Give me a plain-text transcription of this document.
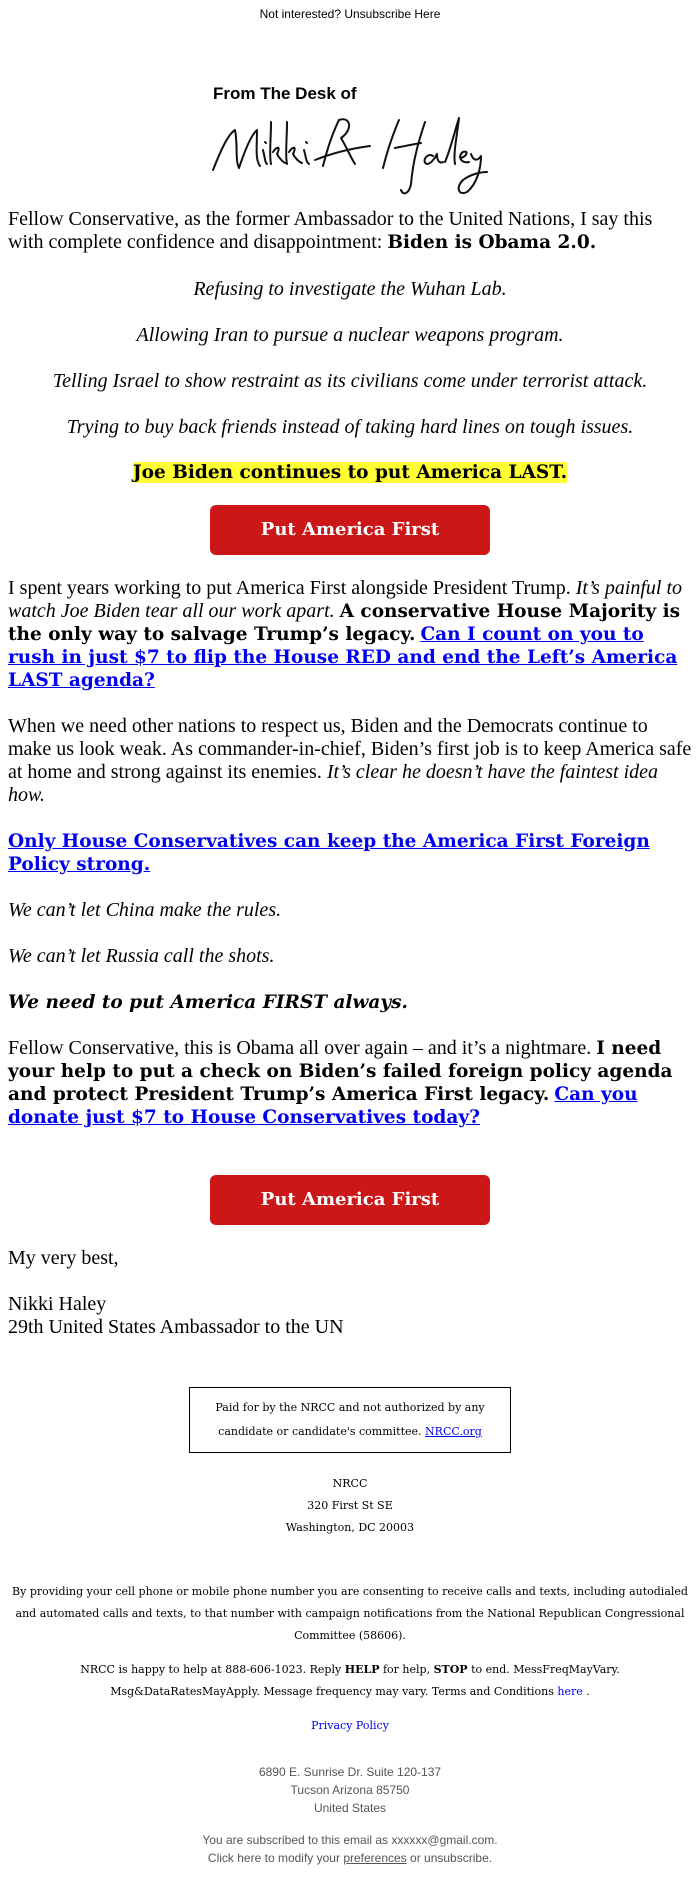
Not interested? Unsubscribe Here
From The Desk of

Fellow Conservative, as the former Ambassador to the United Nations, I say this with complete confidence and disappointment: Biden is Obama 2.0.

Refusing to investigate the Wuhan Lab.

Allowing Iran to pursue a nuclear weapons program.

Telling Israel to show restraint as its civilians come under terrorist attack.

Trying to buy back friends instead of taking hard lines on tough issues.

Joe Biden continues to put America LAST.

Put America First

I spent years working to put America First alongside President Trump. It’s painful to watch Joe Biden tear all our work apart. A conservative House Majority is the only way to salvage Trump’s legacy. Can I count on you to rush in just $7 to flip the House RED and end the Left’s America LAST agenda?

When we need other nations to respect us, Biden and the Democrats continue to make us look weak. As commander-in-chief, Biden’s first job is to keep America safe at home and strong against its enemies. It’s clear he doesn’t have the faintest idea how.

Only House Conservatives can keep the America First Foreign Policy strong.

We can’t let China make the rules.

We can’t let Russia call the shots.

We need to put America FIRST always.

Fellow Conservative, this is Obama all over again – and it’s a nightmare. I need your help to put a check on Biden’s failed foreign policy agenda and protect President Trump’s America First legacy. Can you donate just $7 to House Conservatives today?

Put America First

My very best,

Nikki Haley

29th United States Ambassador to the UN

Paid for by the NRCC and not authorized by any candidate or candidate's committee. NRCC.org
NRCC
320 First St SE
Washington, DC 20003
By providing your cell phone or mobile phone number you are consenting to receive calls and texts, including autodialed and automated calls and texts, to that number with campaign notifications from the National Republican Congressional Committee (58606).
NRCC is happy to help at 888-606-1023. Reply HELP for help, STOP to end. MessFreqMayVary. Msg&DataRatesMayApply. Message frequency may vary. Terms and Conditions here .
Privacy Policy
6890 E. Sunrise Dr. Suite 120-137
Tucson Arizona 85750
United States
You are subscribed to this email as xxxxxx@gmail.com.
Click here to modify your preferences or unsubscribe.
